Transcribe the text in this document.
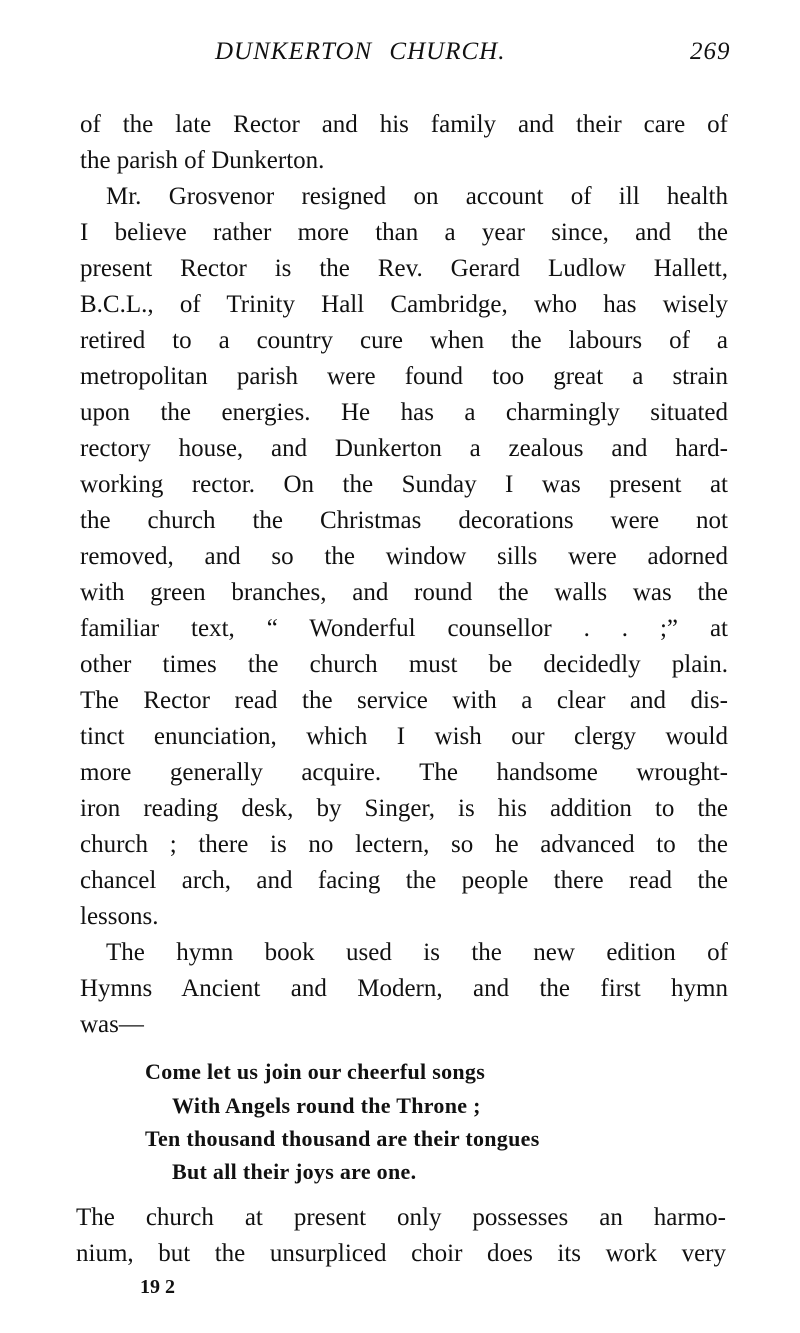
DUNKERTON CHURCH.	269
of the late Rector and his family and their care of
the parish of Dunkerton.
Mr. Grosvenor resigned on account of ill health
I believe rather more than a year since, and the
present Rector is the Rev. Gerard Ludlow Hallett,
B.C.L., of Trinity Hall Cambridge, who has wisely
retired to a country cure when the labours of a
metropolitan parish were found too great a strain
upon the energies. He has a charmingly situated
rectory house, and Dunkerton a zealous and hard-
working rector. On the Sunday I was present at
the church the Christmas decorations were not
removed, and so the window sills were adorned
with green branches, and round the walls was the
familiar text, “ Wonderful counsellor . . ;” at
other times the church must be decidedly plain.
The Rector read the service with a clear and dis-
tinct enunciation, which I wish our clergy would
more generally acquire. The handsome wrought-
iron reading desk, by Singer, is his addition to the
church ; there is no lectern, so he advanced to the
chancel arch, and facing the people there read the
lessons.
The hymn book used is the new edition of
Hymns Ancient and Modern, and the first hymn
was—
Come let us join our cheerful songs
With Angels round the Throne ;
Ten thousand thousand are their tongues
But all their joys are one.
The church at present only possesses an harmo-
nium, but the unsurpliced choir does its work very
19 2
